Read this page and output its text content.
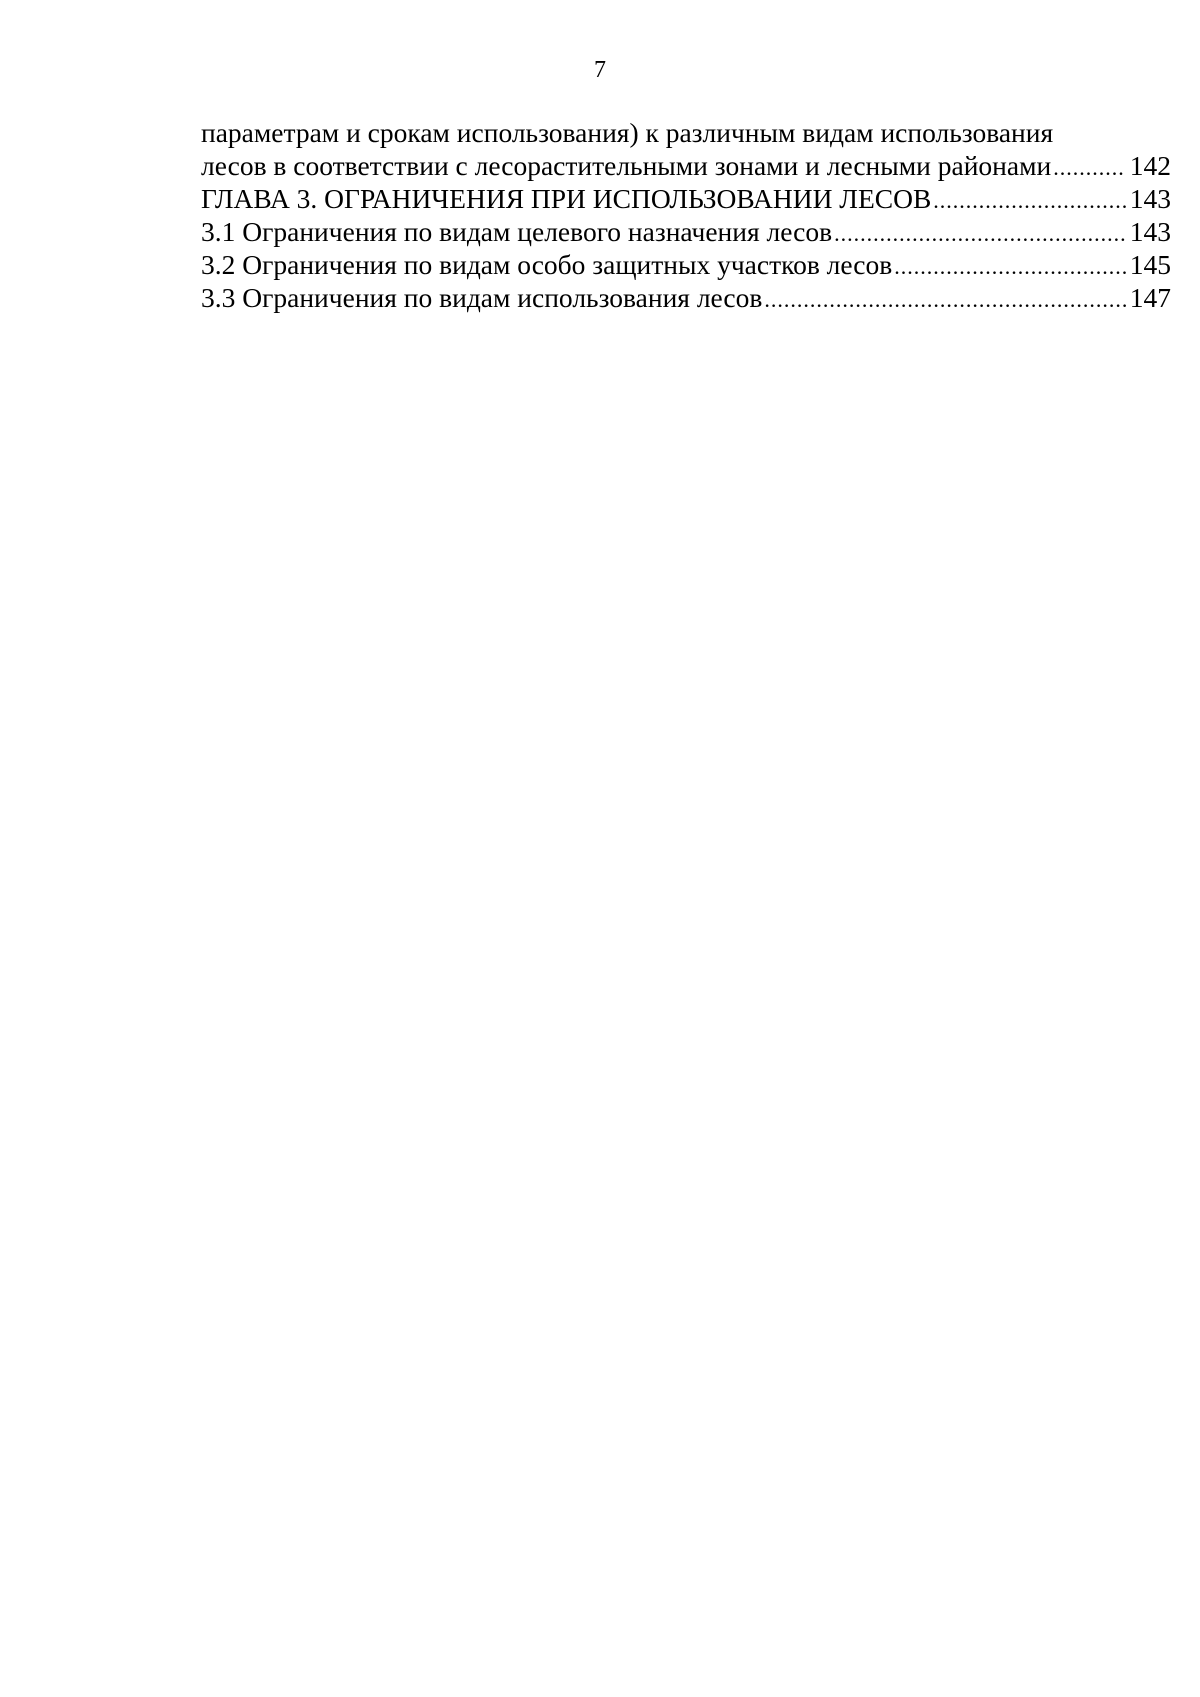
7
параметрам и срокам использования) к различным видам использования
лесов в соответствии с лесорастительными зонами и лесными районами .....	142
ГЛАВА 3. ОГРАНИЧЕНИЯ ПРИ ИСПОЛЬЗОВАНИИ ЛЕСОВ .....	143
3.1 Ограничения по видам целевого назначения лесов .....	143
3.2 Ограничения по видам особо защитных участков лесов .....	145
3.3 Ограничения по видам использования лесов .....	147
